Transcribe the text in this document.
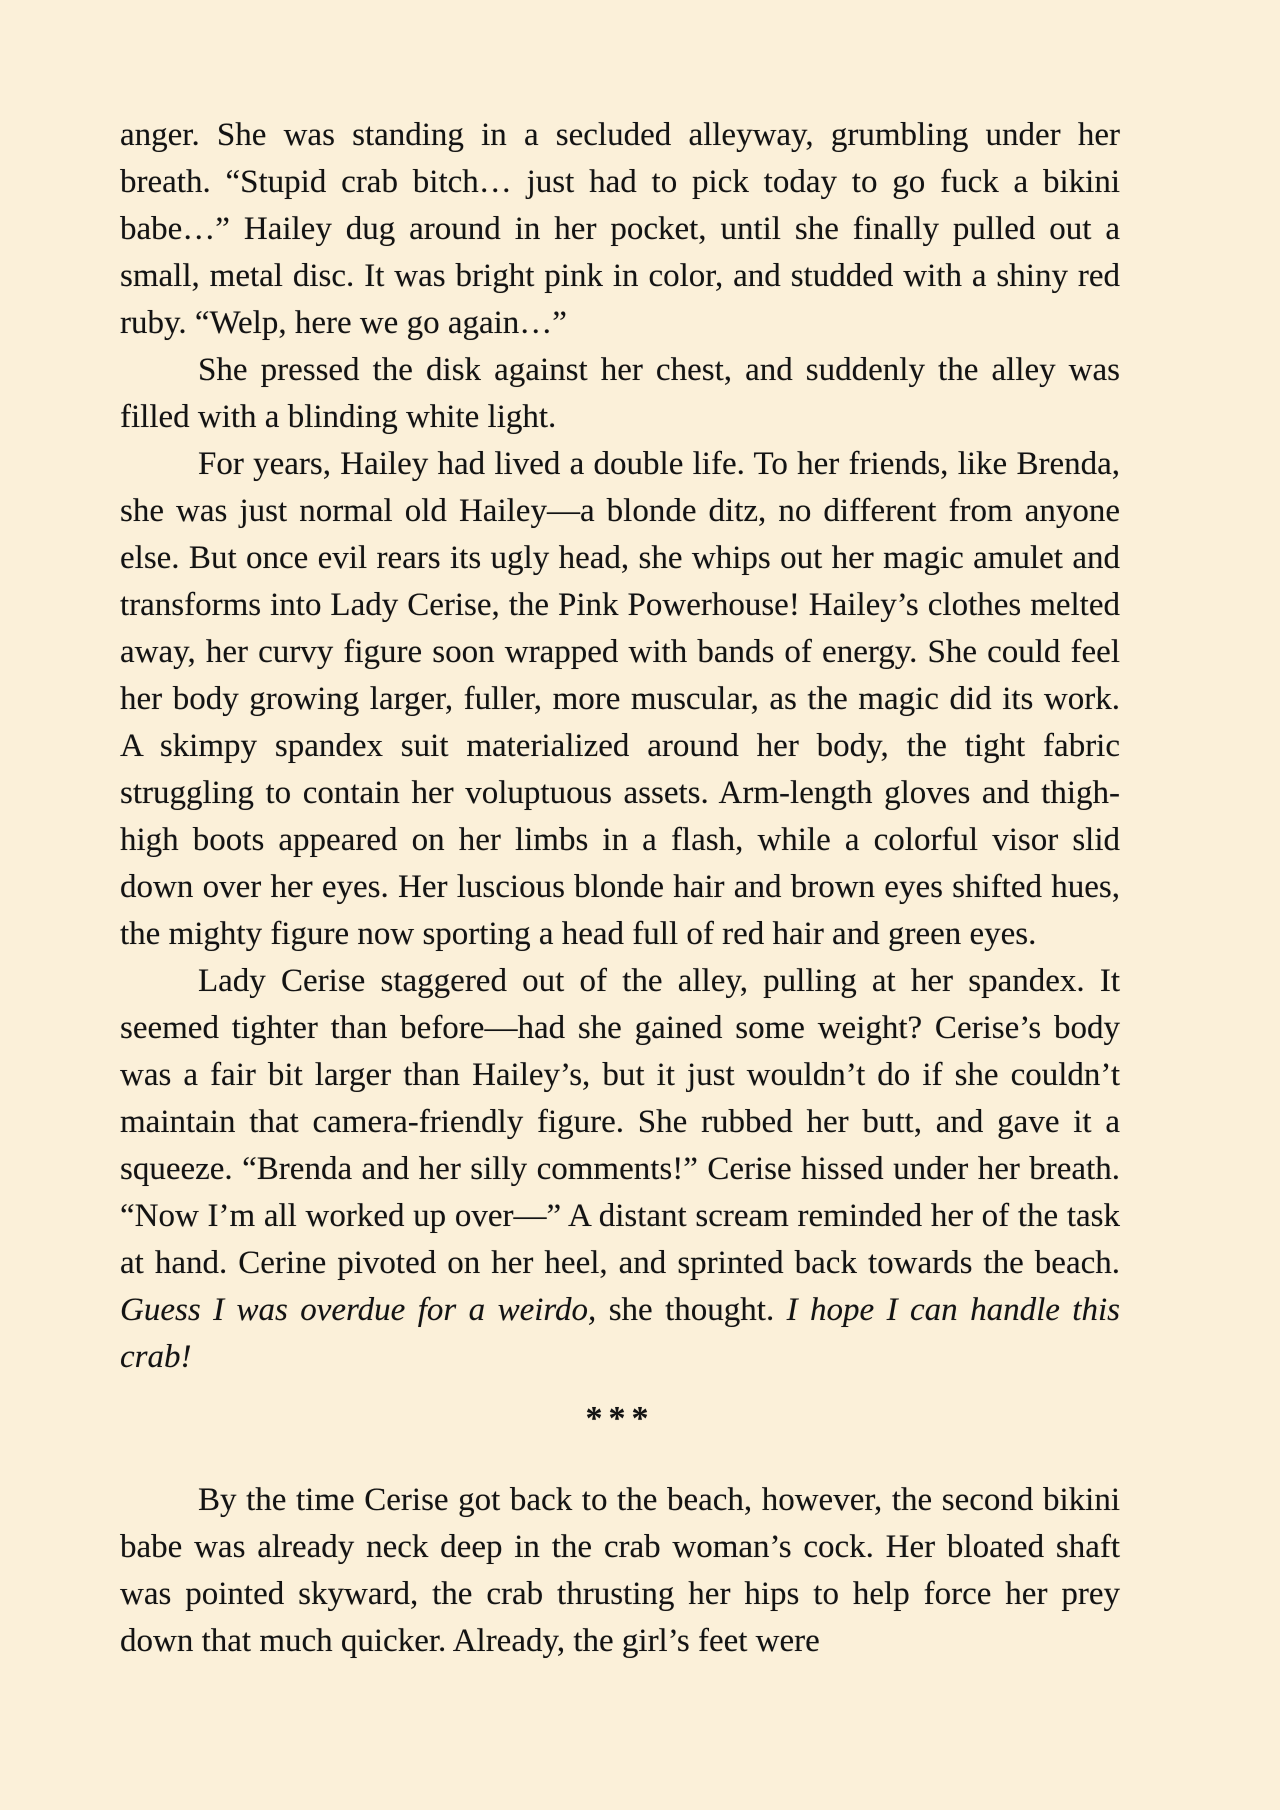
anger. She was standing in a secluded alleyway, grumbling under her breath. “Stupid crab bitch… just had to pick today to go fuck a bikini babe…” Hailey dug around in her pocket, until she finally pulled out a small, metal disc. It was bright pink in color, and studded with a shiny red ruby. “Welp, here we go again…”

She pressed the disk against her chest, and suddenly the alley was filled with a blinding white light.

For years, Hailey had lived a double life. To her friends, like Brenda, she was just normal old Hailey—a blonde ditz, no different from anyone else. But once evil rears its ugly head, she whips out her magic amulet and transforms into Lady Cerise, the Pink Powerhouse! Hailey’s clothes melted away, her curvy figure soon wrapped with bands of energy. She could feel her body growing larger, fuller, more muscular, as the magic did its work. A skimpy spandex suit materialized around her body, the tight fabric struggling to contain her voluptuous assets. Arm-length gloves and thigh-high boots appeared on her limbs in a flash, while a colorful visor slid down over her eyes. Her luscious blonde hair and brown eyes shifted hues, the mighty figure now sporting a head full of red hair and green eyes.

Lady Cerise staggered out of the alley, pulling at her spandex. It seemed tighter than before—had she gained some weight? Cerise’s body was a fair bit larger than Hailey’s, but it just wouldn’t do if she couldn’t maintain that camera-friendly figure. She rubbed her butt, and gave it a squeeze. “Brenda and her silly comments!” Cerise hissed under her breath. “Now I’m all worked up over—” A distant scream reminded her of the task at hand. Cerine pivoted on her heel, and sprinted back towards the beach. Guess I was overdue for a weirdo, she thought. I hope I can handle this crab!

***

By the time Cerise got back to the beach, however, the second bikini babe was already neck deep in the crab woman’s cock. Her bloated shaft was pointed skyward, the crab thrusting her hips to help force her prey down that much quicker. Already, the girl’s feet were
